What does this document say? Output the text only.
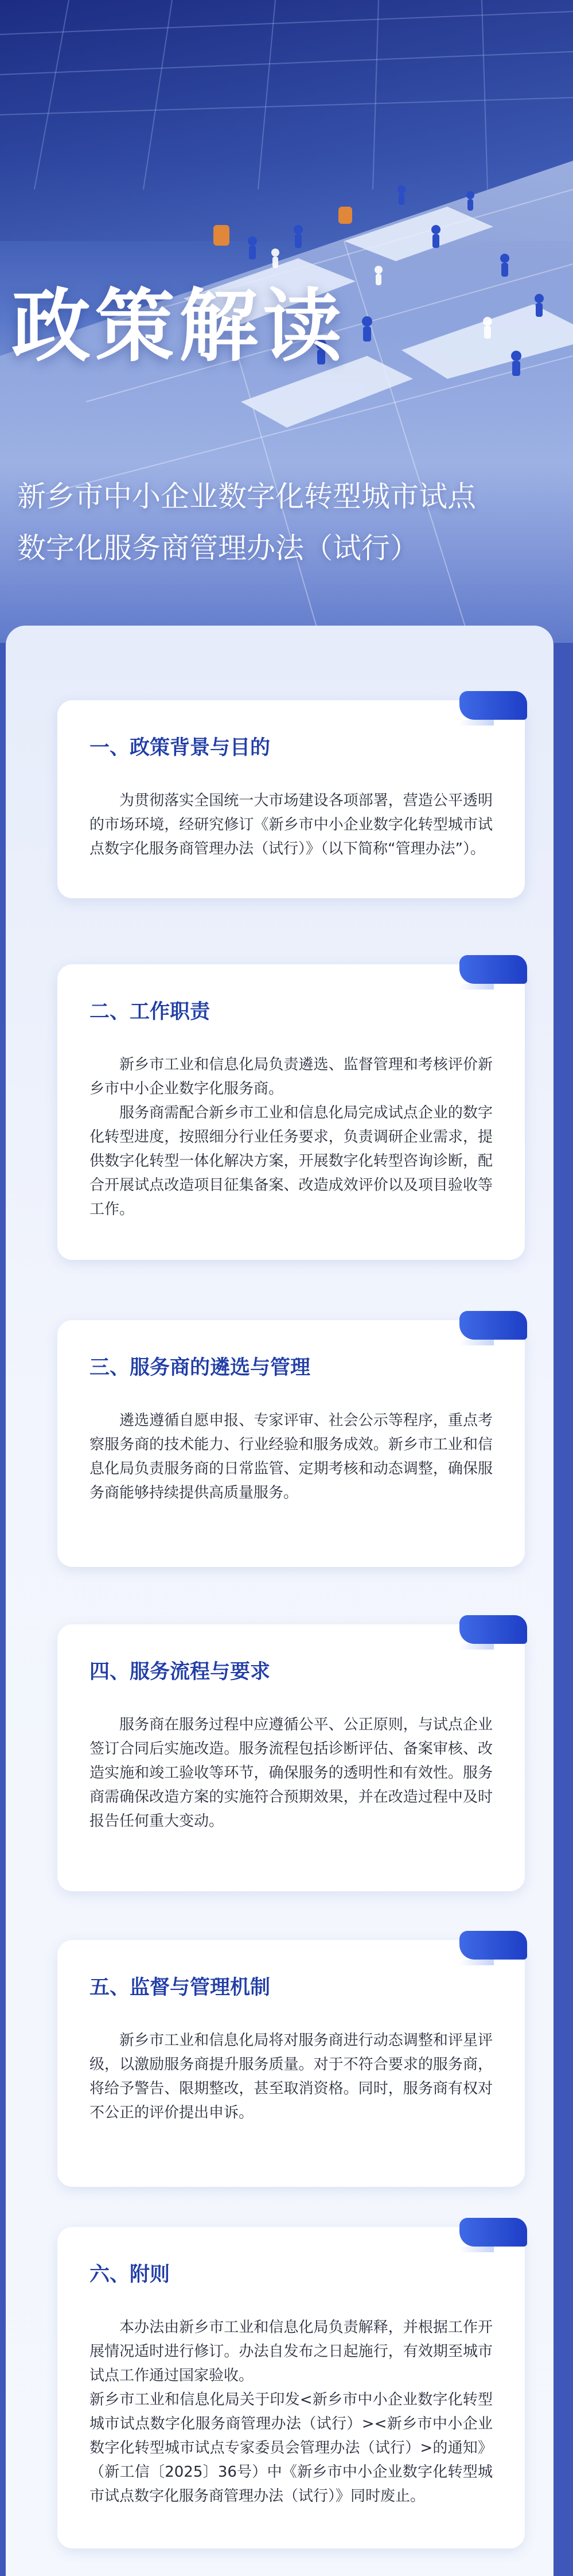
政策解读
新乡市中小企业数字化转型城市试点
数字化服务商管理办法（试行）
一、政策背景与目的

为贯彻落实全国统一大市场建设各项部署，营造公平透明的市场环境，经研究修订《新乡市中小企业数字化转型城市试点数字化服务商管理办法（试行）》（以下简称“管理办法”）。

二、工作职责

新乡市工业和信息化局负责遴选、监督管理和考核评价新乡市中小企业数字化服务商。

服务商需配合新乡市工业和信息化局完成试点企业的数字化转型进度，按照细分行业任务要求，负责调研企业需求，提供数字化转型一体化解决方案，开展数字化转型咨询诊断，配合开展试点改造项目征集备案、改造成效评价以及项目验收等工作。

三、服务商的遴选与管理

遴选遵循自愿申报、专家评审、社会公示等程序，重点考察服务商的技术能力、行业经验和服务成效。新乡市工业和信息化局负责服务商的日常监管、定期考核和动态调整，确保服务商能够持续提供高质量服务。

四、服务流程与要求

服务商在服务过程中应遵循公平、公正原则，与试点企业签订合同后实施改造。服务流程包括诊断评估、备案审核、改造实施和竣工验收等环节，确保服务的透明性和有效性。服务商需确保改造方案的实施符合预期效果，并在改造过程中及时报告任何重大变动。

五、监督与管理机制

新乡市工业和信息化局将对服务商进行动态调整和评星评级，以激励服务商提升服务质量。对于不符合要求的服务商，将给予警告、限期整改，甚至取消资格。同时，服务商有权对不公正的评价提出申诉。

六、附则

本办法由新乡市工业和信息化局负责解释，并根据工作开展情况适时进行修订。办法自发布之日起施行，有效期至城市试点工作通过国家验收。

新乡市工业和信息化局关于印发<新乡市中小企业数字化转型城市试点数字化服务商管理办法（试行）><新乡市中小企业数字化转型城市试点专家委员会管理办法（试行）>的通知》（新工信〔2025〕36号）中《新乡市中小企业数字化转型城市试点数字化服务商管理办法（试行）》同时废止。
